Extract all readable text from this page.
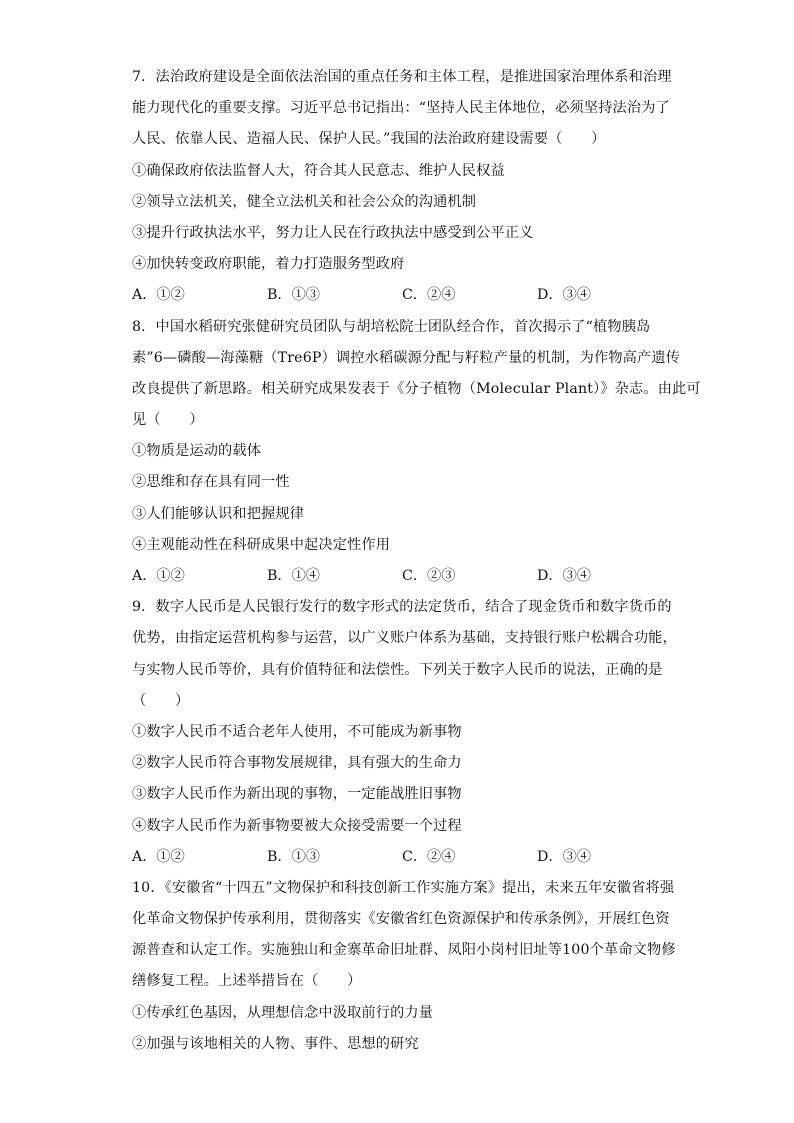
7．法治政府建设是全面依法治国的重点任务和主体工程，是推进国家治理体系和治理
能力现代化的重要支撑。习近平总书记指出：“坚持人民主体地位，必须坚持法治为了
人民、依靠人民、造福人民、保护人民。”我国的法治政府建设需要（　　）
①确保政府依法监督人大，符合其人民意志、维护人民权益
②领导立法机关，健全立法机关和社会公众的沟通机制
③提升行政执法水平，努力让人民在行政执法中感受到公平正义
④加快转变政府职能，着力打造服务型政府
A．①②	B．①③	C．②④	D．③④
8．中国水稻研究张健研究员团队与胡培松院士团队经合作，首次揭示了“植物胰岛
素”6—磷酸—海藻糖（Tre6P）调控水稻碳源分配与籽粒产量的机制，为作物高产遗传
改良提供了新思路。相关研究成果发表于《分子植物（Molecular Plant）》杂志。由此可
见（　　）
①物质是运动的载体
②思维和存在具有同一性
③人们能够认识和把握规律
④主观能动性在科研成果中起决定性作用
A．①②	B．①④	C．②③	D．③④
9．数字人民币是人民银行发行的数字形式的法定货币，结合了现金货币和数字货币的
优势，由指定运营机构参与运营，以广义账户体系为基础，支持银行账户松耦合功能，
与实物人民币等价，具有价值特征和法偿性。下列关于数字人民币的说法，正确的是
（　　）
①数字人民币不适合老年人使用，不可能成为新事物
②数字人民币符合事物发展规律，具有强大的生命力
③数字人民币作为新出现的事物，一定能战胜旧事物
④数字人民币作为新事物要被大众接受需要一个过程
A．①②	B．①③	C．②④	D．③④
10．《安徽省“十四五”文物保护和科技创新工作实施方案》提出，未来五年安徽省将强
化革命文物保护传承利用，贯彻落实《安徽省红色资源保护和传承条例》，开展红色资
源普查和认定工作。实施独山和金寨革命旧址群、凤阳小岗村旧址等100个革命文物修
缮修复工程。上述举措旨在（　　）
①传承红色基因，从理想信念中汲取前行的力量
②加强与该地相关的人物、事件、思想的研究
